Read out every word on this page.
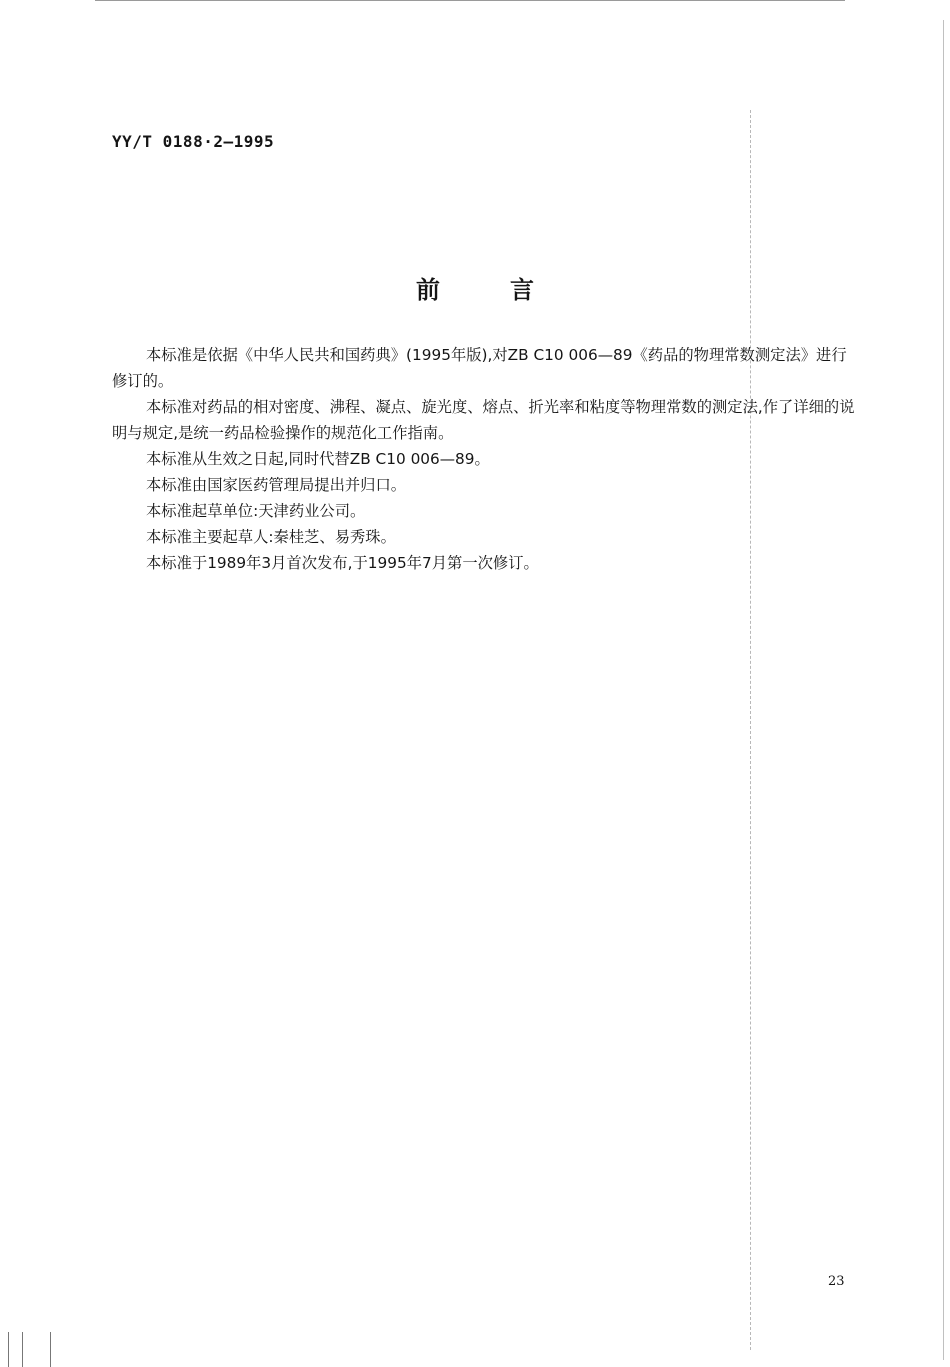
YY/T 0188·2—1995
前	言

本标准是依据《中华人民共和国药典》(1995年版),对ZB C10 006—89《药品的物理常数测定法》进行修订的。

本标准对药品的相对密度、沸程、凝点、旋光度、熔点、折光率和粘度等物理常数的测定法,作了详细的说明与规定,是统一药品检验操作的规范化工作指南。

本标准从生效之日起,同时代替ZB C10 006—89。

本标准由国家医药管理局提出并归口。

本标准起草单位:天津药业公司。

本标准主要起草人:秦桂芝、易秀珠。

本标准于1989年3月首次发布,于1995年7月第一次修订。

23
